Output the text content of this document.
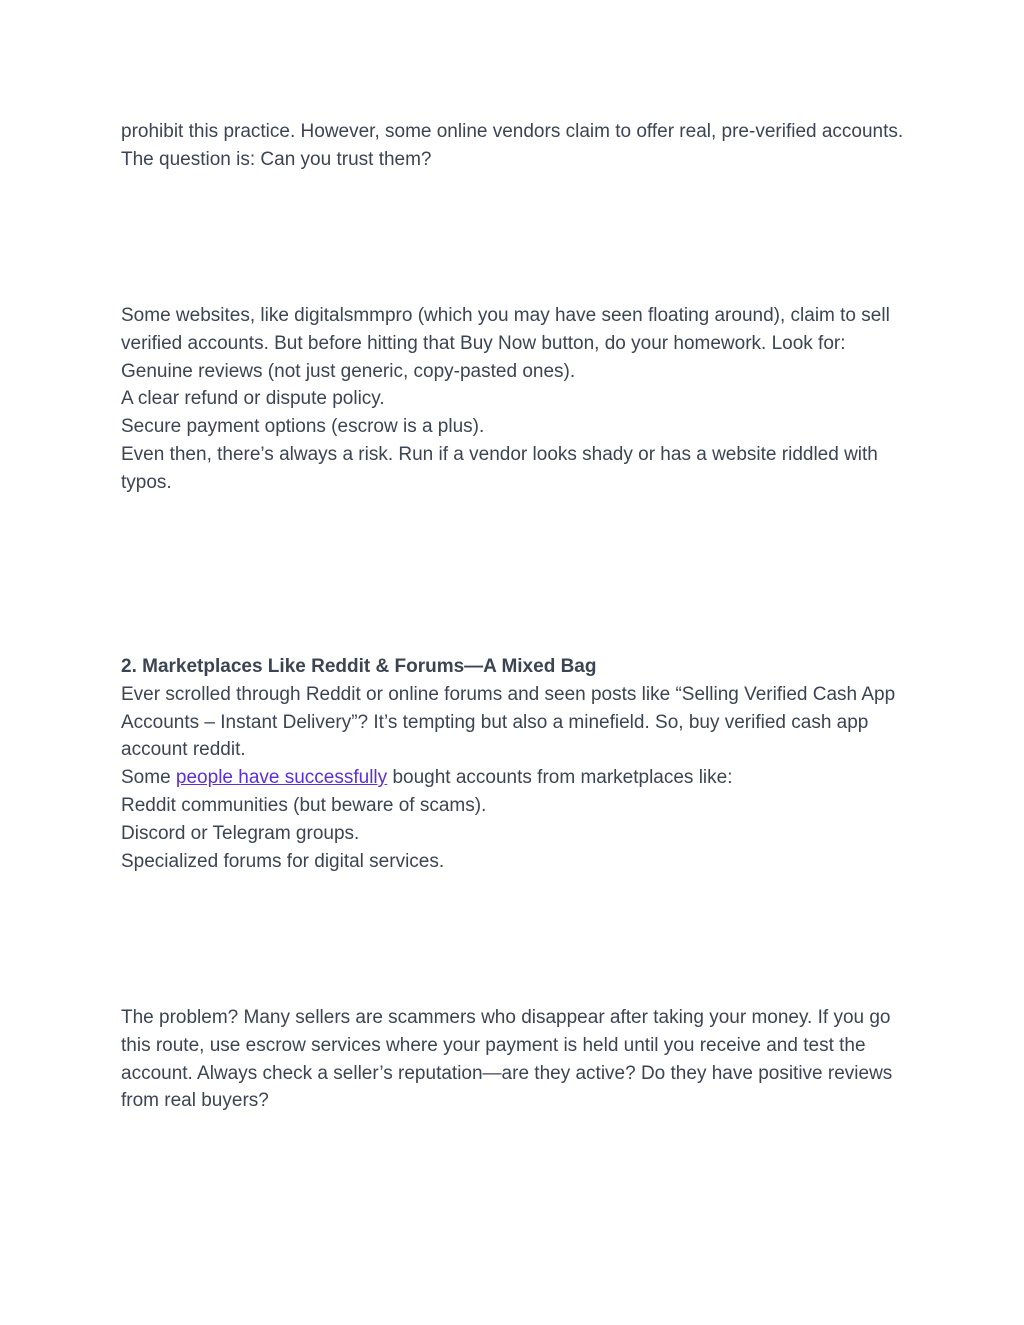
prohibit this practice. However, some online vendors claim to offer real, pre-verified accounts. The question is: Can you trust them?

Some websites, like digitalsmmpro (which you may have seen floating around), claim to sell verified accounts. But before hitting that Buy Now button, do your homework. Look for:

Genuine reviews (not just generic, copy-pasted ones).

A clear refund or dispute policy.

Secure payment options (escrow is a plus).

Even then, there’s always a risk. Run if a vendor looks shady or has a website riddled with typos.

2. Marketplaces Like Reddit & Forums—A Mixed Bag

Ever scrolled through Reddit or online forums and seen posts like “Selling Verified Cash App Accounts – Instant Delivery”? It’s tempting but also a minefield. So, buy verified cash app account reddit.

Some people have successfully bought accounts from marketplaces like:

Reddit communities (but beware of scams).

Discord or Telegram groups.

Specialized forums for digital services.

The problem? Many sellers are scammers who disappear after taking your money. If you go this route, use escrow services where your payment is held until you receive and test the account. Always check a seller’s reputation—are they active? Do they have positive reviews from real buyers?
